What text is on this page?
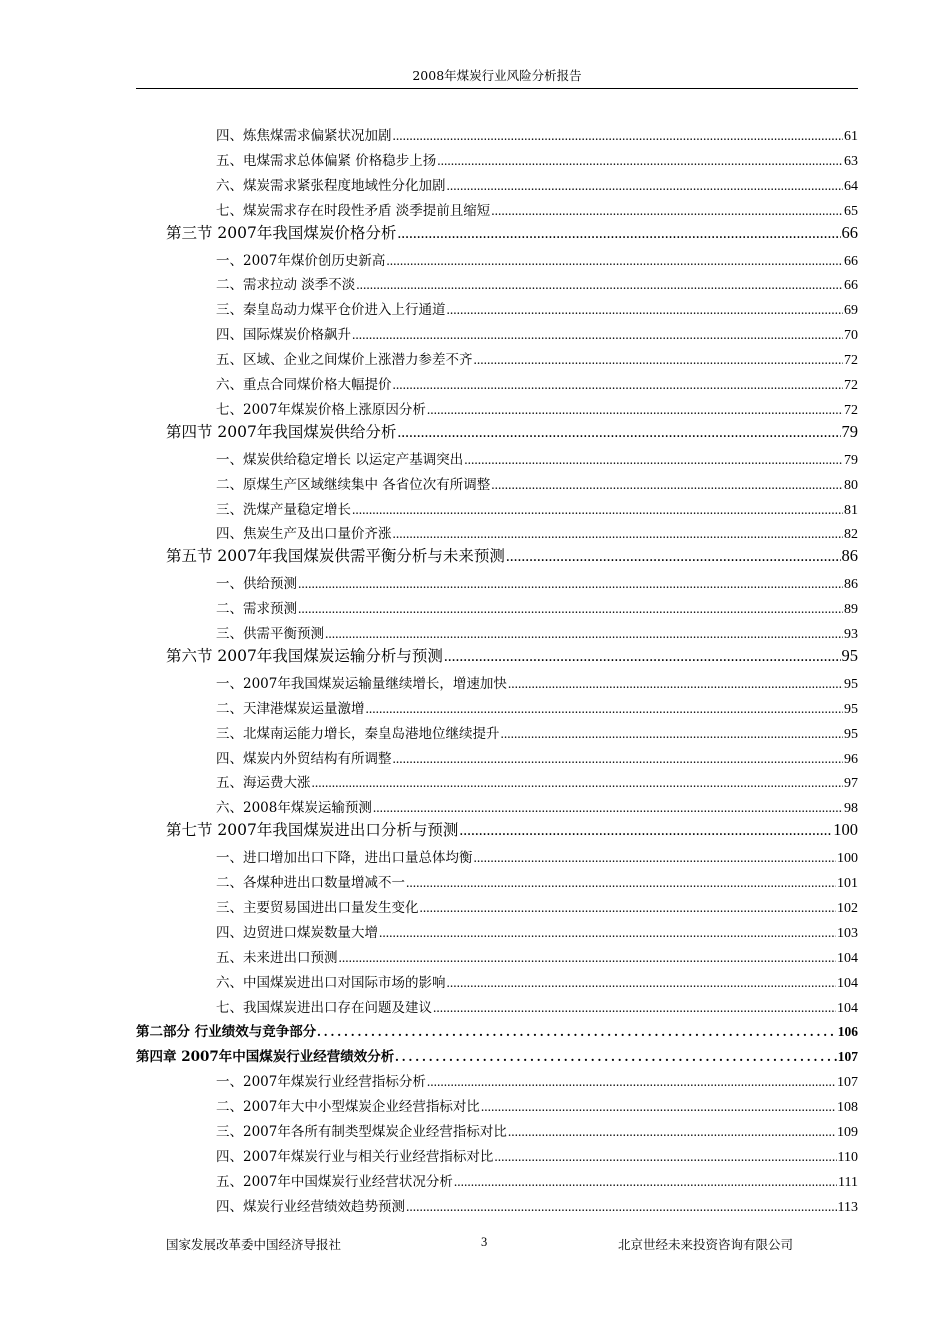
2008年煤炭行业风险分析报告
四、炼焦煤需求偏紧状况加剧 .....	61
五、电煤需求总体偏紧 价格稳步上扬 .....	63
六、煤炭需求紧张程度地域性分化加剧 .....	64
七、煤炭需求存在时段性矛盾 淡季提前且缩短 .....	65
第三节 2007年我国煤炭价格分析 .....	66
一、2007年煤价创历史新高 .....	66
二、需求拉动 淡季不淡 .....	66
三、秦皇岛动力煤平仓价进入上行通道 .....	69
四、国际煤炭价格飙升 .....	70
五、区域、企业之间煤价上涨潜力参差不齐 .....	72
六、重点合同煤价格大幅提价 .....	72
七、2007年煤炭价格上涨原因分析 .....	72
第四节 2007年我国煤炭供给分析 .....	79
一、煤炭供给稳定增长 以运定产基调突出 .....	79
二、原煤生产区域继续集中 各省位次有所调整 .....	80
三、洗煤产量稳定增长 .....	81
四、焦炭生产及出口量价齐涨 .....	82
第五节 2007年我国煤炭供需平衡分析与未来预测 .....	86
一、供给预测 .....	86
二、需求预测 .....	89
三、供需平衡预测 .....	93
第六节 2007年我国煤炭运输分析与预测 .....	95
一、2007年我国煤炭运输量继续增长，增速加快 .....	95
二、天津港煤炭运量激增 .....	95
三、北煤南运能力增长，秦皇岛港地位继续提升 .....	95
四、煤炭内外贸结构有所调整 .....	96
五、海运费大涨 .....	97
六、2008年煤炭运输预测 .....	98
第七节 2007年我国煤炭进出口分析与预测 .....	100
一、进口增加出口下降，进出口量总体均衡 .....	100
二、各煤种进出口数量增减不一 .....	101
三、主要贸易国进出口量发生变化 .....	102
四、边贸进口煤炭数量大增 .....	103
五、未来进出口预测 .....	104
六、中国煤炭进出口对国际市场的影响 .....	104
七、我国煤炭进出口存在问题及建议 .....	104
第二部分 行业绩效与竞争部分 . . .	106
第四章 2007年中国煤炭行业经营绩效分析 . . .	107
一、2007年煤炭行业经营指标分析 .....	107
二、2007年大中小型煤炭企业经营指标对比 .....	108
三、2007年各所有制类型煤炭企业经营指标对比 .....	109
四、2007年煤炭行业与相关行业经营指标对比 .....	110
五、2007年中国煤炭行业经营状况分析 .....	111
四、煤炭行业经营绩效趋势预测 .....	113
国家发展改革委中国经济导报社	3	北京世经未来投资咨询有限公司
